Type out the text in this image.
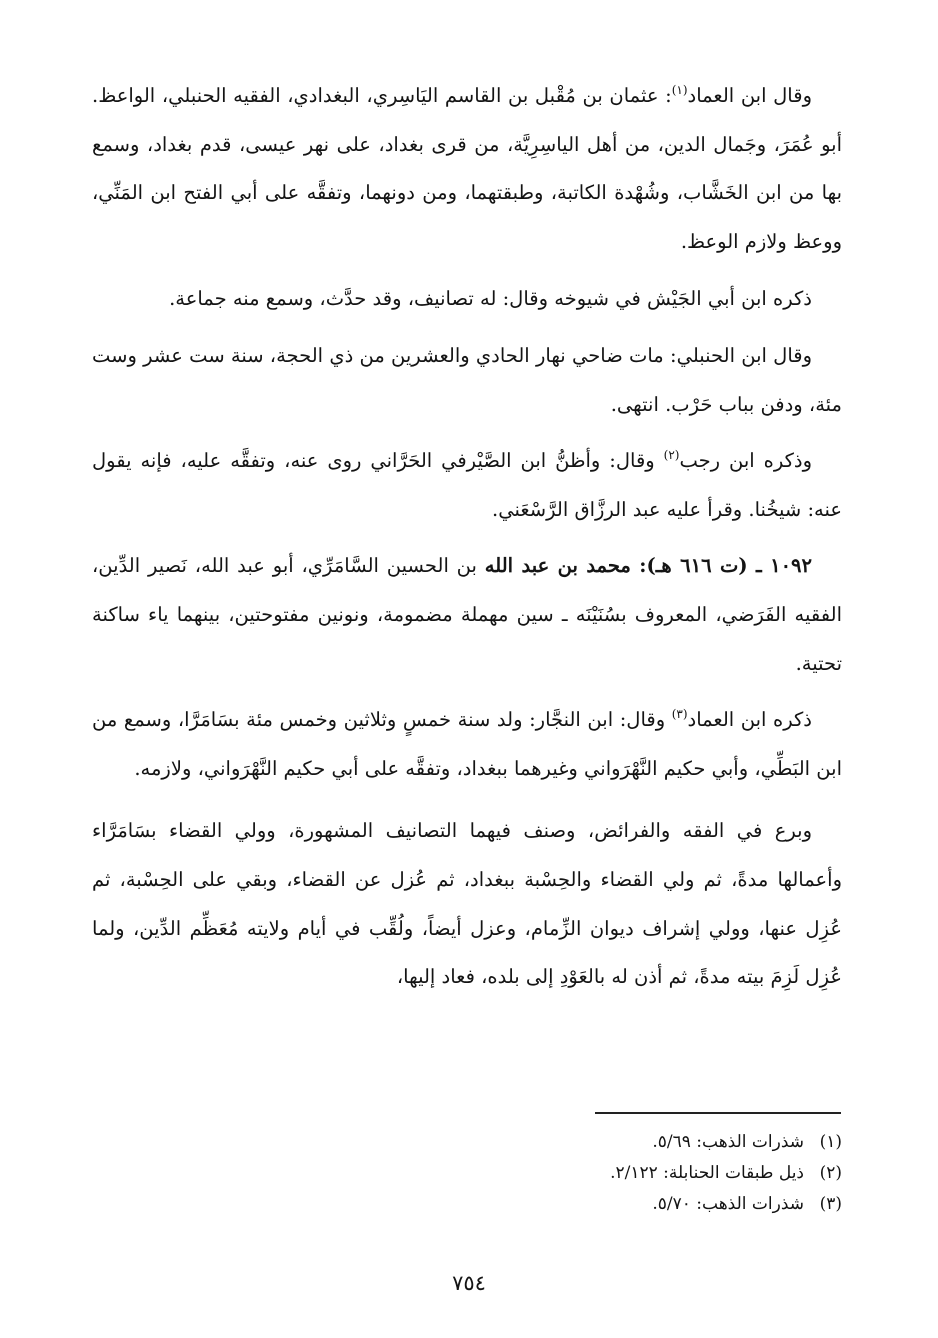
وقال ابن العماد$^{(١)}$: عثمان بن مُقْبل بن القاسم اليَاسِري، البغدادي، الفقيه الحنبلي، الواعظ. أبو عُمَرَ، وجَمال الدين، من أهل الياسِرِيَّة، من قرى بغداد، على نهر عيسى، قدم بغداد، وسمع بها من ابن الخَشَّاب، وشُهْدة الكاتبة، وطبقتهما، ومن دونهما، وتفقَّه على أبي الفتح ابن المَنِّي، ووعظ ولازم الوعظ.

ذكره ابن أبي الجَيْش في شيوخه وقال: له تصانيف، وقد حدَّث، وسمع منه جماعة.

وقال ابن الحنبلي: مات ضاحي نهار الحادي والعشرين من ذي الحجة، سنة ست عشر وست مئة، ودفن بباب حَرْب. انتهى.

وذكره ابن رجب$^{(٢)}$ وقال: وأظنُّ ابن الصَّيْرفي الحَرَّاني روى عنه، وتفقَّه عليه، فإنه يقول عنه: شيخُنا. وقرأ عليه عبد الرزَّاق الرَّسْعَني.

١٠٩٢ ـ (ت ٦١٦ هـ): محمد بن عبد الله بن الحسين السَّامَرِّي، أبو عبد الله، نَصير الدِّين، الفقيه الفَرَضي، المعروف بسُنَيْنَه ـ سين مهملة مضمومة، ونونين مفتوحتين، بينهما ياء ساكنة تحتية.

ذكره ابن العماد$^{(٣)}$ وقال: ابن النجَّار: ولد سنة خمسٍ وثلاثين وخمس مئة بسَامَرَّا، وسمع من ابن البَطِّي، وأبي حكيم النَّهْرَواني وغيرهما ببغداد، وتفقَّه على أبي حكيم النَّهْرَواني، ولازمه.

وبرع في الفقه والفرائض، وصنف فيهما التصانيف المشهورة، وولي القضاء بسَامَرَّاء وأعمالها مدةً، ثم ولي القضاء والحِسْبة ببغداد، ثم عُزل عن القضاء، وبقي على الحِسْبة، ثم عُزِل عنها، وولي إشراف ديوان الزِّمام، وعزل أيضاً، ولُقِّب في أيام ولايته مُعَظِّم الدِّين، ولما عُزِل لَزِمَ بيته مدةً، ثم أذن له بالعَوْدِ إلى بلده، فعاد إليها،

(١)شذرات الذهب: ٥/٦٩.
(٢)ذيل طبقات الحنابلة: ٢/١٢٢.
(٣)شذرات الذهب: ٥/٧٠.
٧٥٤
